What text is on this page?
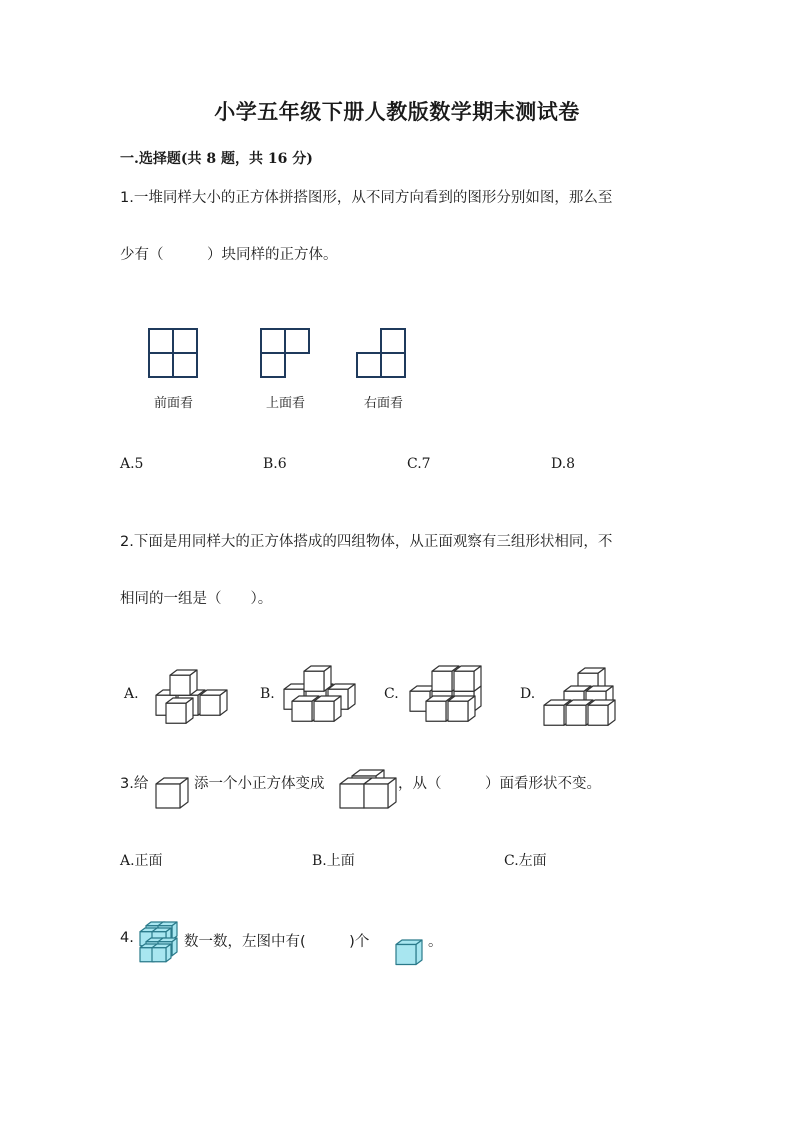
小学五年级下册人教版数学期末测试卷
一.选择题(共 8 题，共 16 分)
1.一堆同样大小的正方体拼搭图形，从不同方向看到的图形分别如图，那么至
少有（　　　）块同样的正方体。
前面看	上面看	右面看
A.5	B.6	C.7	D.8
2.下面是用同样大的正方体搭成的四组物体，从正面观察有三组形状相同，不
相同的一组是（　　）。
A.	B.	C.	D.
3.给	添一个小正方体变成	，从（　　　）面看形状不变。
A.正面	B.上面	C.左面
4.	数一数，左图中有(　　　)个	。
